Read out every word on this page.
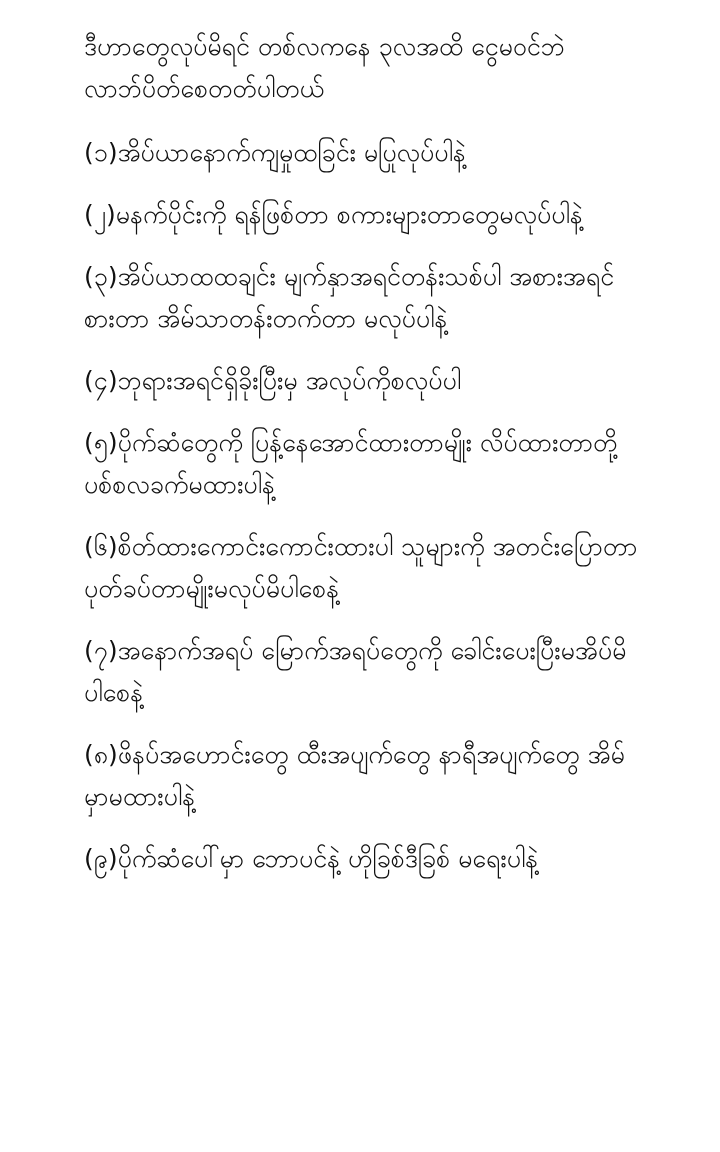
ဒီဟာတွေလုပ်မိရင် တစ်လကနေ ၃လအထိ ငွေမဝင်ဘဲ လာဘ်ပိတ်စေတတ်ပါတယ်

(၁)အိပ်ယာနောက်ကျမှုထခြင်း မပြုလုပ်ပါနဲ့

(၂)မနက်ပိုင်းကို ရန်ဖြစ်တာ စကားများတာတွေမလုပ်ပါနဲ့

(၃)အိပ်ယာထထချင်း မျက်နှာအရင်တန်းသစ်ပါ အစားအရင်စားတာ အိမ်သာတန်းတက်တာ မလုပ်ပါနဲ့

(၄)ဘုရားအရင်ရှိခိုးပြီးမှ အလုပ်ကိုစလုပ်ပါ

(၅)ပိုက်ဆံတွေကို ပြန့်နေအောင်ထားတာမျိုး လိပ်ထားတာတို့ ပစ်စလခက်မထားပါနဲ့

(၆)စိတ်ထားကောင်းကောင်းထားပါ သူများကို အတင်းပြောတာ ပုတ်ခပ်တာမျိုးမလုပ်မိပါစေနဲ့

(၇)အနောက်အရပ် မြောက်အရပ်တွေကို ခေါင်းပေးပြီးမအိပ်မိပါစေနဲ့

(၈)ဖိနပ်အဟောင်းတွေ ထီးအပျက်တွေ နာရီအပျက်တွေ အိမ်မှာမထားပါနဲ့

(၉)ပိုက်ဆံပေါ်မှာ ဘောပင်နဲ့ ဟိုခြစ်ဒီခြစ် မရေးပါနဲ့
